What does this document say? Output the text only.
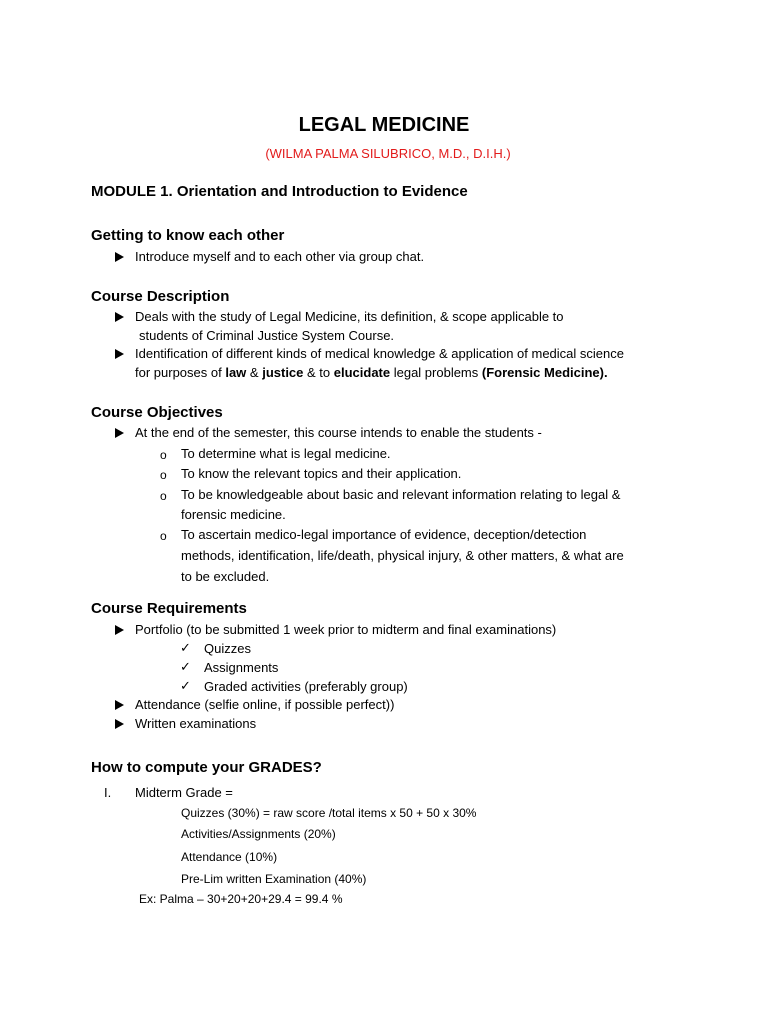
LEGAL MEDICINE
(WILMA PALMA SILUBRICO, M.D., D.I.H.)
MODULE 1. Orientation and Introduction to Evidence
Getting to know each other
Introduce myself and to each other via group chat.
Course Description
Deals with the study of Legal Medicine, its definition, & scope applicable to
students of Criminal Justice System Course.
Identification of different kinds of medical knowledge & application of medical science
for purposes of law & justice & to elucidate legal problems (Forensic Medicine).
Course Objectives
At the end of the semester, this course intends to enable the students -
o To determine what is legal medicine.
o To know the relevant topics and their application.
o To be knowledgeable about basic and relevant information relating to legal &
forensic medicine.
o To ascertain medico-legal importance of evidence, deception/detection
methods, identification, life/death, physical injury, & other matters, & what are
to be excluded.
Course Requirements
Portfolio (to be submitted 1 week prior to midterm and final examinations)
✓ Quizzes
✓ Assignments
✓ Graded activities (preferably group)
Attendance (selfie online, if possible perfect))
Written examinations
How to compute your GRADES?
I. Midterm Grade =
Quizzes (30%) = raw score /total items x 50 + 50 x 30%
Activities/Assignments (20%)
Attendance (10%)
Pre-Lim written Examination (40%)
Ex: Palma – 30+20+20+29.4 = 99.4 %
